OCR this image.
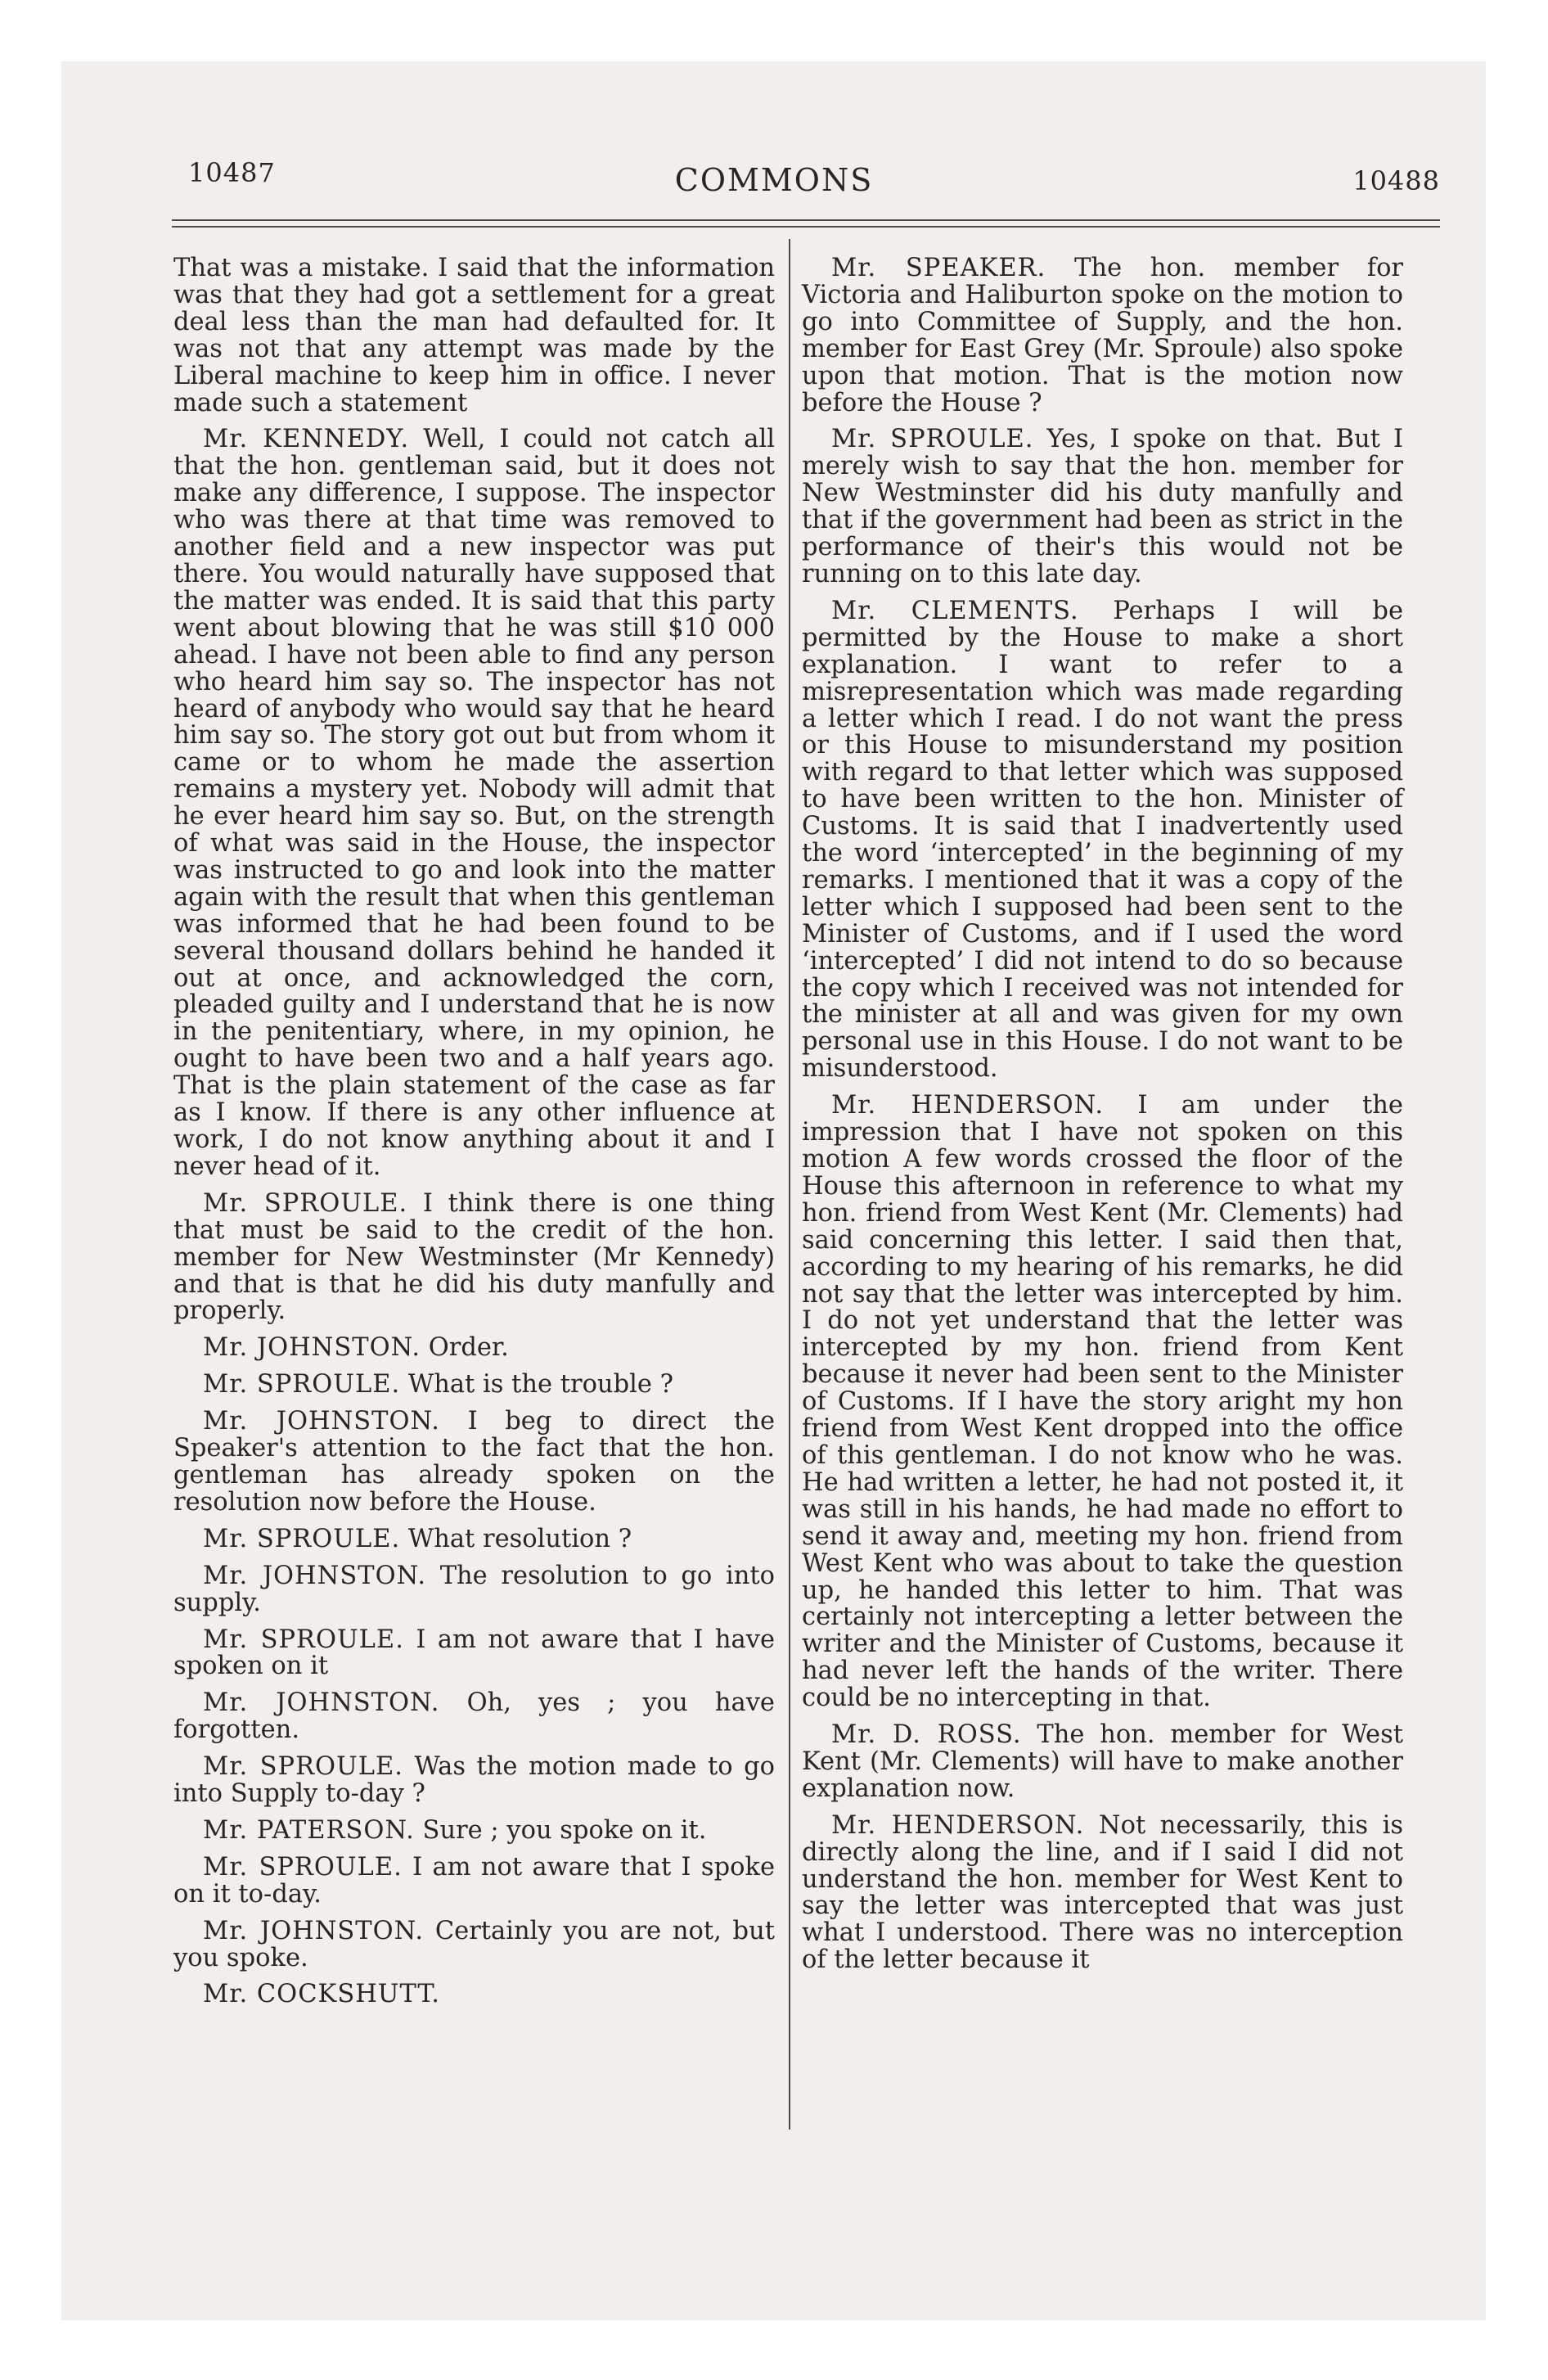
10487	COMMONS	10488

That was a mistake. I said that the information was that they had got a settlement for a great deal less than the man had defaulted for. It was not that any attempt was made by the Liberal machine to keep him in office. I never made such a statement

Mr. KENNEDY. Well, I could not catch all that the hon. gentleman said, but it does not make any difference, I suppose. The inspector who was there at that time was removed to another field and a new inspector was put there. You would naturally have supposed that the matter was ended. It is said that this party went about blowing that he was still $10 000 ahead. I have not been able to find any person who heard him say so. The inspector has not heard of anybody who would say that he heard him say so. The story got out but from whom it came or to whom he made the assertion remains a mystery yet. Nobody will admit that he ever heard him say so. But, on the strength of what was said in the House, the inspector was instructed to go and look into the matter again with the result that when this gentleman was informed that he had been found to be several thousand dollars behind he handed it out at once, and acknowledged the corn, pleaded guilty and I understand that he is now in the penitentiary, where, in my opinion, he ought to have been two and a half years ago. That is the plain statement of the case as far as I know. If there is any other influence at work, I do not know anything about it and I never head of it.

Mr. SPROULE. I think there is one thing that must be said to the credit of the hon. member for New Westminster (Mr Kennedy) and that is that he did his duty manfully and properly.

Mr. JOHNSTON. Order.

Mr. SPROULE. What is the trouble ?

Mr. JOHNSTON. I beg to direct the Speaker's attention to the fact that the hon. gentleman has already spoken on the resolution now before the House.

Mr. SPROULE. What resolution ?

Mr. JOHNSTON. The resolution to go into supply.

Mr. SPROULE. I am not aware that I have spoken on it

Mr. JOHNSTON. Oh, yes ; you have forgotten.

Mr. SPROULE. Was the motion made to go into Supply to-day ?

Mr. PATERSON. Sure ; you spoke on it.

Mr. SPROULE. I am not aware that I spoke on it to-day.

Mr. JOHNSTON. Certainly you are not, but you spoke.

Mr. COCKSHUTT.

Mr. SPEAKER. The hon. member for Victoria and Haliburton spoke on the motion to go into Committee of Supply, and the hon. member for East Grey (Mr. Sproule) also spoke upon that motion. That is the motion now before the House ?

Mr. SPROULE. Yes, I spoke on that. But I merely wish to say that the hon. member for New Westminster did his duty manfully and that if the government had been as strict in the performance of their's this would not be running on to this late day.

Mr. CLEMENTS. Perhaps I will be permitted by the House to make a short explanation. I want to refer to a misrepresentation which was made regarding a letter which I read. I do not want the press or this House to misunderstand my position with regard to that letter which was supposed to have been written to the hon. Minister of Customs. It is said that I inadvertently used the word ‘intercepted’ in the beginning of my remarks. I mentioned that it was a copy of the letter which I supposed had been sent to the Minister of Customs, and if I used the word ‘intercepted’ I did not intend to do so because the copy which I received was not intended for the minister at all and was given for my own personal use in this House. I do not want to be misunderstood.

Mr. HENDERSON. I am under the impression that I have not spoken on this motion A few words crossed the floor of the House this afternoon in reference to what my hon. friend from West Kent (Mr. Clements) had said concerning this letter. I said then that, according to my hearing of his remarks, he did not say that the letter was intercepted by him. I do not yet understand that the letter was intercepted by my hon. friend from Kent because it never had been sent to the Minister of Customs. If I have the story aright my hon friend from West Kent dropped into the office of this gentleman. I do not know who he was. He had written a letter, he had not posted it, it was still in his hands, he had made no effort to send it away and, meeting my hon. friend from West Kent who was about to take the question up, he handed this letter to him. That was certainly not intercepting a letter between the writer and the Minister of Customs, because it had never left the hands of the writer. There could be no intercepting in that.

Mr. D. ROSS. The hon. member for West Kent (Mr. Clements) will have to make another explanation now.

Mr. HENDERSON. Not necessarily, this is directly along the line, and if I said I did not understand the hon. member for West Kent to say the letter was intercepted that was just what I understood. There was no interception of the letter because it
